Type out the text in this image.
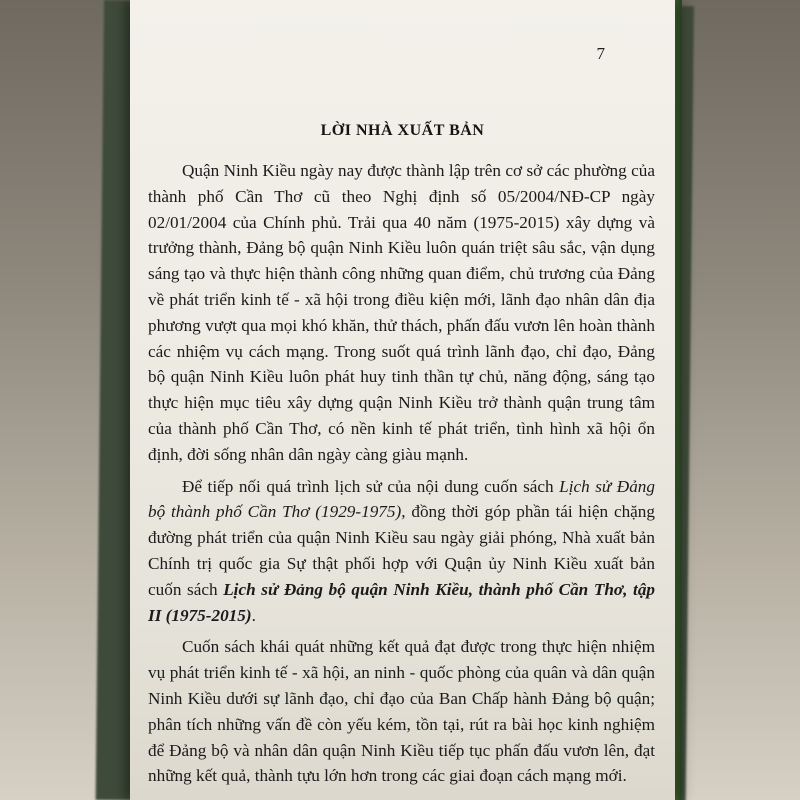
7
LỜI NHÀ XUẤT BẢN

Quận Ninh Kiều ngày nay được thành lập trên cơ sở các phường của thành phố Cần Thơ cũ theo Nghị định số 05/2004/NĐ-CP ngày 02/01/2004 của Chính phủ. Trải qua 40 năm (1975-2015) xây dựng và trưởng thành, Đảng bộ quận Ninh Kiều luôn quán triệt sâu sắc, vận dụng sáng tạo và thực hiện thành công những quan điểm, chủ trương của Đảng về phát triển kinh tế - xã hội trong điều kiện mới, lãnh đạo nhân dân địa phương vượt qua mọi khó khăn, thử thách, phấn đấu vươn lên hoàn thành các nhiệm vụ cách mạng. Trong suốt quá trình lãnh đạo, chỉ đạo, Đảng bộ quận Ninh Kiều luôn phát huy tinh thần tự chủ, năng động, sáng tạo thực hiện mục tiêu xây dựng quận Ninh Kiều trở thành quận trung tâm của thành phố Cần Thơ, có nền kinh tế phát triển, tình hình xã hội ổn định, đời sống nhân dân ngày càng giàu mạnh.

Để tiếp nối quá trình lịch sử của nội dung cuốn sách Lịch sử Đảng bộ thành phố Cần Thơ (1929-1975), đồng thời góp phần tái hiện chặng đường phát triển của quận Ninh Kiều sau ngày giải phóng, Nhà xuất bản Chính trị quốc gia Sự thật phối hợp với Quận ủy Ninh Kiều xuất bản cuốn sách Lịch sử Đảng bộ quận Ninh Kiều, thành phố Cần Thơ, tập II (1975-2015).

Cuốn sách khái quát những kết quả đạt được trong thực hiện nhiệm vụ phát triển kinh tế - xã hội, an ninh - quốc phòng của quân và dân quận Ninh Kiều dưới sự lãnh đạo, chỉ đạo của Ban Chấp hành Đảng bộ quận; phân tích những vấn đề còn yếu kém, tồn tại, rút ra bài học kinh nghiệm để Đảng bộ và nhân dân quận Ninh Kiều tiếp tục phấn đấu vươn lên, đạt những kết quả, thành tựu lớn hơn trong các giai đoạn cách mạng mới.
